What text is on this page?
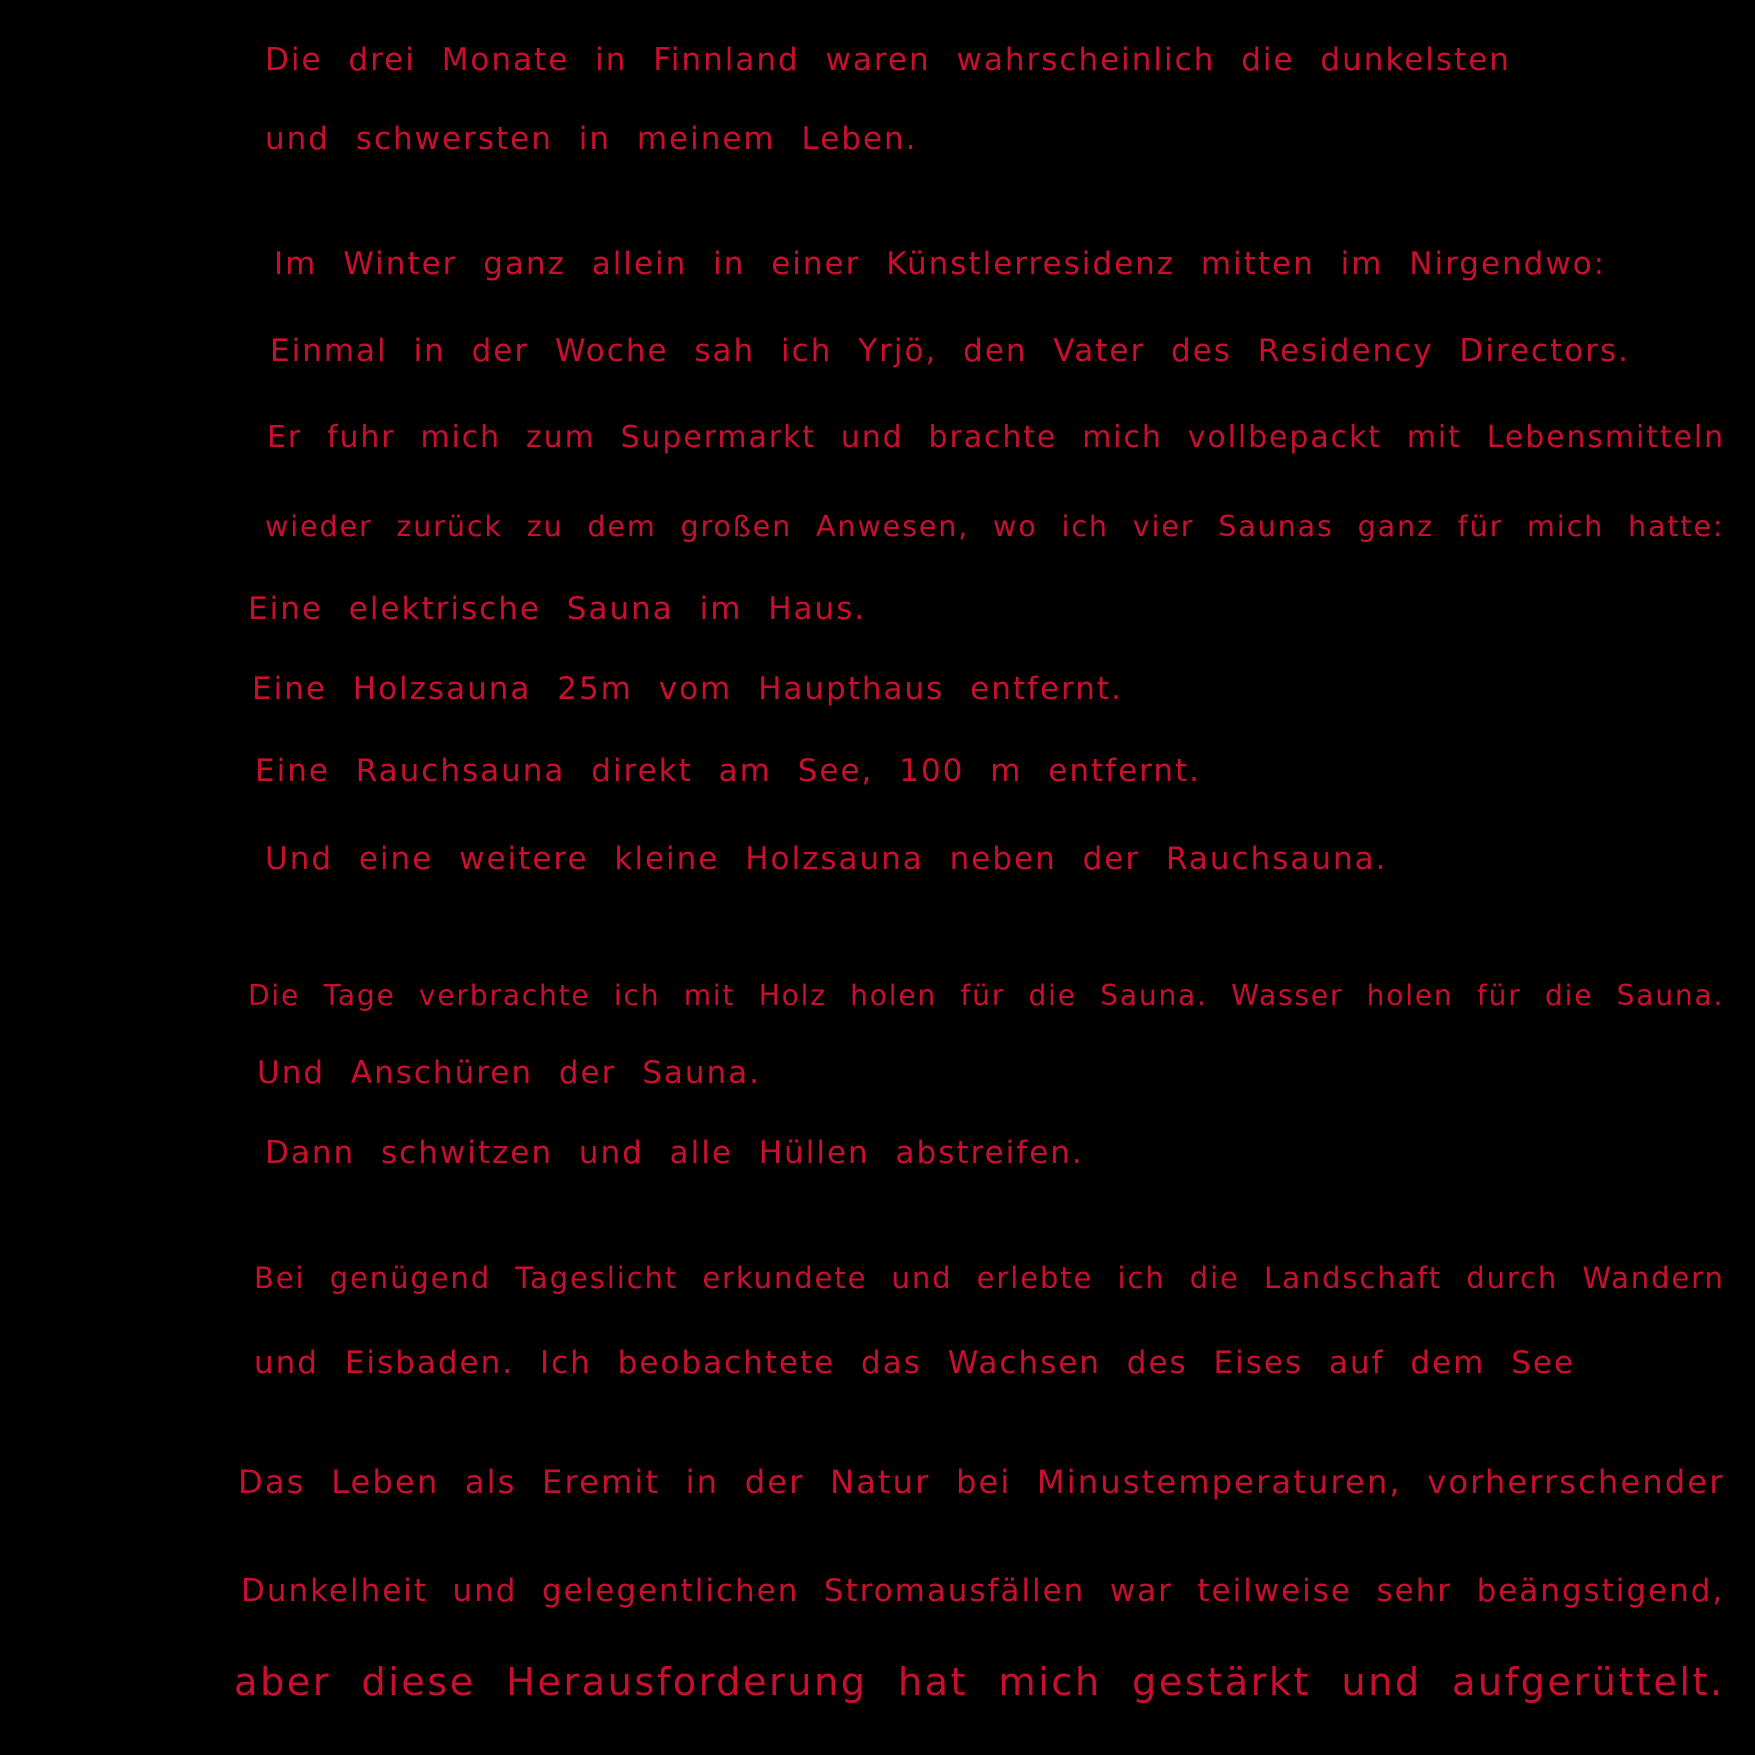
Die drei Monate in Finnland waren wahrscheinlich die dunkelsten

und schwersten in meinem Leben.

Im Winter ganz allein in einer Künstlerresidenz mitten im Nirgendwo:

Einmal in der Woche sah ich Yrjö, den Vater des Residency Directors.

Er fuhr mich zum Supermarkt und brachte mich vollbepackt mit Lebensmitteln

wieder zurück zu dem großen Anwesen, wo ich vier Saunas ganz für mich hatte:

Eine elektrische Sauna im Haus.

Eine Holzsauna 25m vom Haupthaus entfernt.

Eine Rauchsauna direkt am See, 100 m entfernt.

Und eine weitere kleine Holzsauna neben der Rauchsauna.

Die Tage verbrachte ich mit Holz holen für die Sauna. Wasser holen für die Sauna.

Und Anschüren der Sauna.

Dann schwitzen und alle Hüllen abstreifen.

Bei genügend Tageslicht erkundete und erlebte ich die Landschaft durch Wandern

und Eisbaden. Ich beobachtete das Wachsen des Eises auf dem See

Das Leben als Eremit in der Natur bei Minustemperaturen, vorherrschender

Dunkelheit und gelegentlichen Stromausfällen war teilweise sehr beängstigend,

aber diese Herausforderung hat mich gestärkt und aufgerüttelt.
